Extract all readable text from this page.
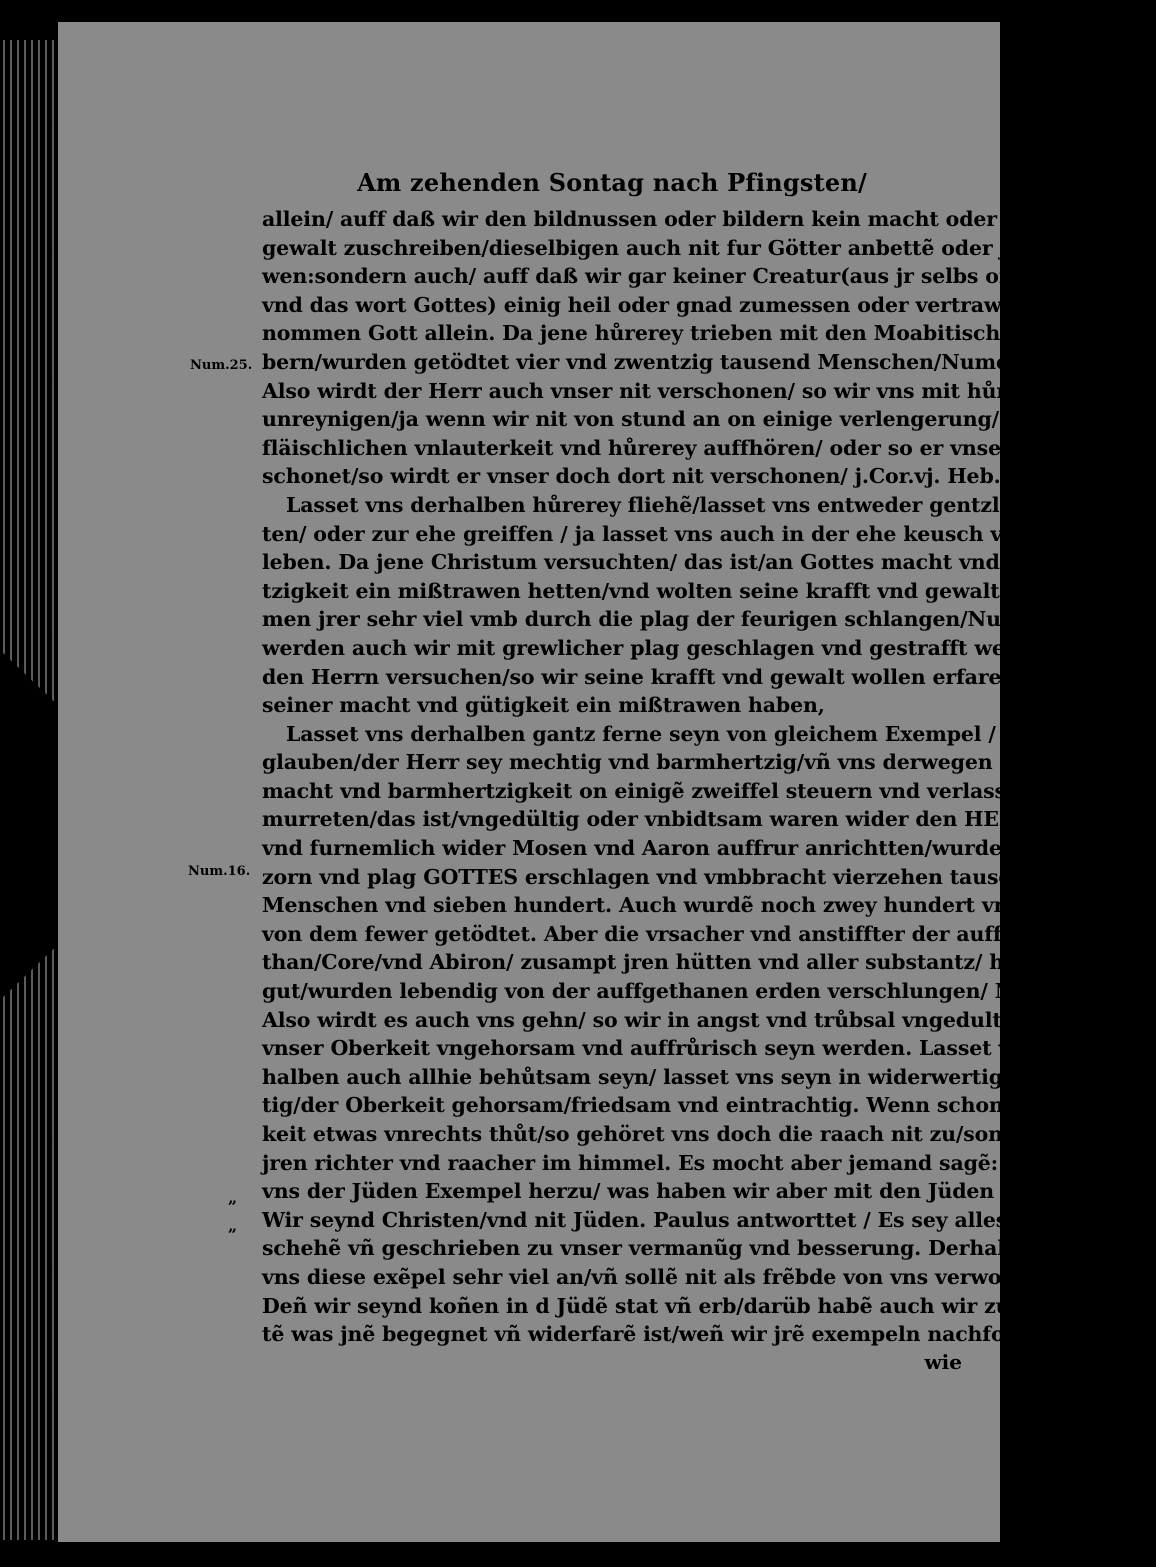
Am zehenden Sontag nach Pfingsten/
allein/ auff daß wir den bildnussen oder bildern kein macht oder Göttlichen
gewalt zuschreiben/dieselbigen auch nit fur Götter anbettẽ oder jnen vertra-
wen:sondern auch/ auff daß wir gar keiner Creatur(aus jr selbs on den segen
vnd das wort Gottes) einig heil oder gnad zumessen oder vertrawen/ ausge-
nommen Gott allein. Da jene hůrerey trieben mit den Moabitischen Wei-
bern/wurden getödtet vier vnd zwentzig tausend Menschen/Numer. xxv.
Also wirdt der Herr auch vnser nit verschonen/ so wir vns mit hůrerey ver-
unreynigen/ja wenn wir nit von stund an on einige verlengerung/ von aller
fläischlichen vnlauterkeit vnd hůrerey auffhören/ oder so er vnser allhie ver-
schonet/so wirdt er vnser doch dort nit verschonen/ j.Cor.vj. Heb.xiij.
Lasset vns derhalben hůrerey fliehẽ/lasset vns entweder gentzlich enthal-
ten/ oder zur ehe greiffen / ja lasset vns auch in der ehe keusch vnd züchtig
leben. Da jene Christum versuchten/ das ist/an Gottes macht vnd barmher-
tzigkeit ein mißtrawen hetten/vnd wolten seine krafft vnd gewalt erfarẽ/ ka-
men jrer sehr viel vmb durch die plag der feurigen schlangen/Num. xxj. Also
werden auch wir mit grewlicher plag geschlagen vnd gestrafft werdẽ/ so wir
den Herrn versuchen/so wir seine krafft vnd gewalt wollen erfaren/so wir an
seiner macht vnd gütigkeit ein mißtrawen haben,
Lasset vns derhalben gantz ferne seyn von gleichem Exempel / lasset vns
glauben/der Herr sey mechtig vnd barmhertzig/vñ vns derwegen auff seine
macht vnd barmhertzigkeit on einigẽ zweiffel steuern vnd verlassen. Da jene
murreten/das ist/vngedültig oder vnbidtsam waren wider den HERRN/
vnd furnemlich wider Mosen vnd Aaron auffrur anrichtten/wurden durch
zorn vnd plag GOTTES erschlagen vnd vmbbracht vierzehen tausend
Menschen vnd sieben hundert. Auch wurdẽ noch zwey hundert vnd funfftzig
von dem fewer getödtet. Aber die vrsacher vnd anstiffter der auffrhur Da-
than/Core/vnd Abiron/ zusampt jren hütten vnd aller substantz/ hab vnd
gut/wurden lebendig von der auffgethanen erden verschlungen/ Num. xvj.
Also wirdt es auch vns gehn/ so wir in angst vnd trůbsal vngedultig/ gegen
vnser Oberkeit vngehorsam vnd auffrůrisch seyn werden. Lasset vns der-
halben auch allhie behůtsam seyn/ lasset vns seyn in widerwertigkeit gedül-
tig/der Oberkeit gehorsam/friedsam vnd eintrachtig. Wenn schon die Ober-
keit etwas vnrechts thůt/so gehöret vns doch die raach nit zu/sondern sie habẽ
jren richter vnd raacher im himmel. Es mocht aber jemand sagẽ: Du bringst
vns der Jüden Exempel herzu/ was haben wir aber mit den Jüden zu thůn?
Wir seynd Christen/vnd nit Jüden. Paulus antworttet / Es sey alles ge-
schehẽ vñ geschrieben zu vnser vermanũg vnd besserung. Derhalben gehen
vns diese exẽpel sehr viel an/vñ sollẽ nit als frẽbde von vns verworffen werdẽ.
Deñ wir seynd koñen in d Jüdẽ stat vñ erb/darüb habẽ auch wir zugewart-
tẽ was jnẽ begegnet vñ widerfarẽ ist/weñ wir jrẽ exempeln nachfolgẽ vñ thun
wie
Num.25.
Num.16.
„
„
